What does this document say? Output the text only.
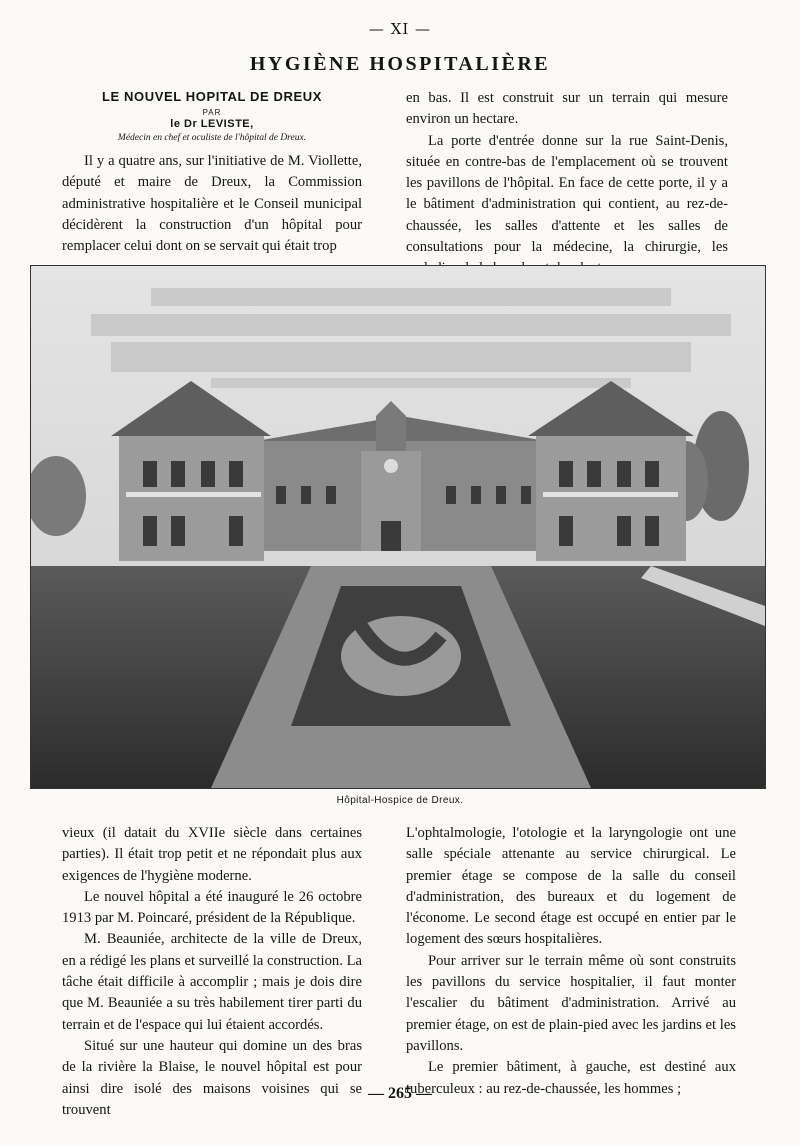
— XI —
HYGIÈNE HOSPITALIÈRE
LE NOUVEL HOPITAL DE DREUX
PAR
le Dr LEVISTE,
Médecin en chef et oculiste de l'hôpital de Dreux.

Il y a quatre ans, sur l'initiative de M. Viollette, député et maire de Dreux, la Commission administrative hospitalière et le Conseil municipal décidèrent la construction d'un hôpital pour remplacer celui dont on se servait qui était trop

en bas. Il est construit sur un terrain qui mesure environ un hectare.

La porte d'entrée donne sur la rue Saint-Denis, située en contre-bas de l'emplacement où se trouvent les pavillons de l'hôpital. En face de cette porte, il y a le bâtiment d'administration qui contient, au rez-de-chaussée, les salles d'attente et les salles de consultations pour la médecine, la chirurgie, les

Hôpital-Hospice de Dreux.

vieux (il datait du XVIIe siècle dans certaines parties). Il était trop petit et ne répondait plus aux exigences de l'hygiène moderne.

Le nouvel hôpital a été inauguré le 26 octobre 1913 par M. Poincaré, président de la République.

M. Beauniée, architecte de la ville de Dreux, en a rédigé les plans et surveillé la construction. La tâche était difficile à accomplir ; mais je dois dire que M. Beauniée a su très habilement tirer parti du terrain et de l'espace qui lui étaient accordés.

Situé sur une hauteur qui domine un des bras de la rivière la Blaise, le nouvel hôpital est pour ainsi dire isolé des maisons voisines qui se trouvent

L'ophtalmologie, l'otologie et la laryngologie ont une salle spéciale attenante au service chirurgical. Le premier étage se compose de la salle du conseil d'administration, des bureaux et du logement de l'économe. Le second étage est occupé en entier par le logement des sœurs hospitalières.

Pour arriver sur le terrain même où sont construits les pavillons du service hospitalier, il faut monter l'escalier du bâtiment d'administration. Arrivé au premier étage, on est de plain-pied avec les jardins et les pavillons.

Le premier bâtiment, à gauche, est destiné aux tuberculeux : au rez-de-chaussée, les hommes ;

— 265 —
